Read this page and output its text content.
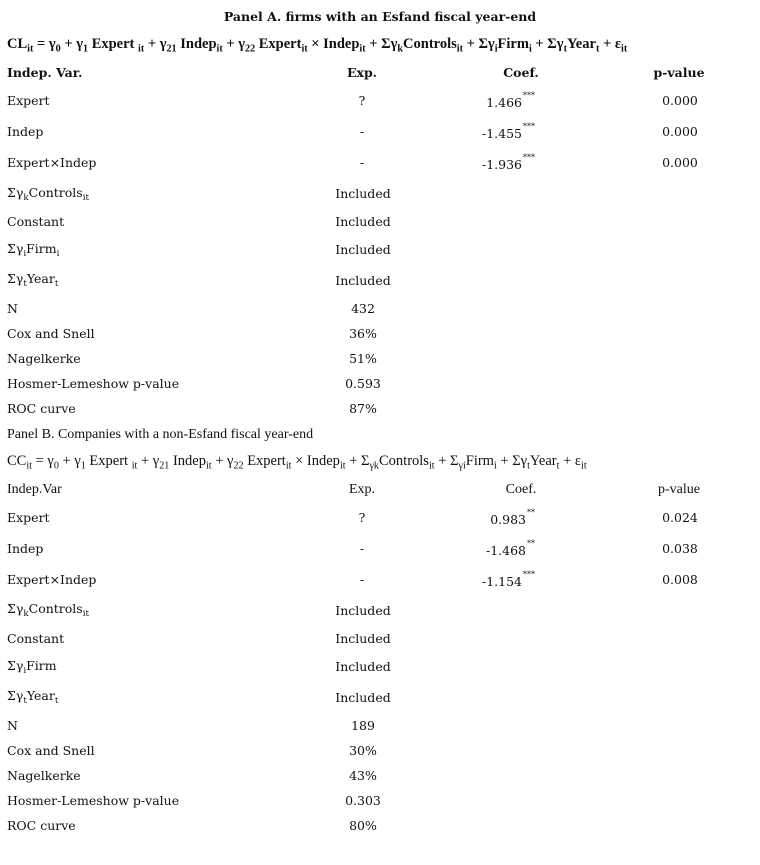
Panel A. firms with an Esfand fiscal year-end
$CL_{it} = \gamma_0 + \gamma_1$ Expert $_{it} + \gamma_{21}$ Indep$_{it}$ + $\gamma_{22}$ Expert$_{it}$ × Indep$_{it}$ + $\Sigma\gamma_kControls_{it}$ + $\Sigma\gamma_iFirm_i$ + $\Sigma\gamma_tYear_t + \varepsilon_{it}$
Indep. Var.	Exp.	Coef.	p-value
Expert	?	1.466***	0.000
Indep	-	-1.455***	0.000
Expert×Indep	-	-1.936***	0.000
$\Sigma\gamma_kControls_{it}$	Included
Constant	Included
$\Sigma\gamma_iFirm_i$	Included
$\Sigma\gamma_tYear_t$	Included
N	432
Cox and Snell	36%
Nagelkerke	51%
Hosmer-Lemeshow p-value	0.593
ROC curve	87%
Panel B. Companies with a non-Esfand fiscal year-end
$CC_{it} = \gamma_0 + \gamma_1$ Expert $_{it} + \gamma_{21}$ Indep$_{it}$ + $\gamma_{22}$ Expert$_{it}$ × Indep$_{it}$ + $\Sigma_{\gamma k}Controls_{it}$ + $\Sigma_{\gamma i}Firm_i$ + $\Sigma\gamma_tYear_t + \varepsilon_{it}$
Indep.Var	Exp.	Coef.	p-value
Expert	?	0.983**	0.024
Indep	-	-1.468**	0.038
Expert×Indep	-	-1.154***	0.008
$\Sigma\gamma_kControls_{it}$	Included
Constant	Included
$\Sigma\gamma_iFirm$	Included
$\Sigma\gamma_tYear_t$	Included
N	189
Cox and Snell	30%
Nagelkerke	43%
Hosmer-Lemeshow p-value	0.303
ROC curve	80%
